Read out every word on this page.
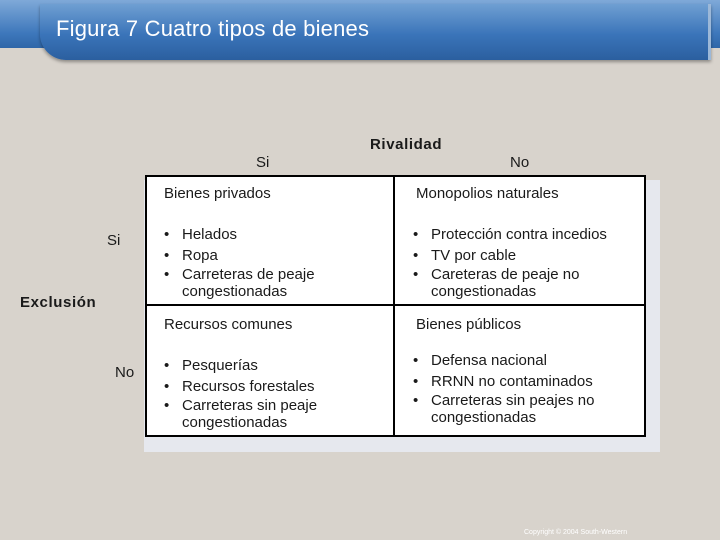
Figura 7 Cuatro tipos de bienes
Rivalidad
Si	No
Exclusión
Si
No
Bienes privados
• Helados
• Ropa
• Carreteras de peaje congestionadas
Monopolios naturales
• Protección contra incedios
• TV por cable
• Careteras de peaje no congestionadas
Recursos comunes
• Pesquerías
• Recursos forestales
• Carreteras sin peaje congestionadas
Bienes públicos
• Defensa nacional
• RRNN no contaminados
• Carreteras sin peajes no congestionadas
Copyright © 2004 South-Western
